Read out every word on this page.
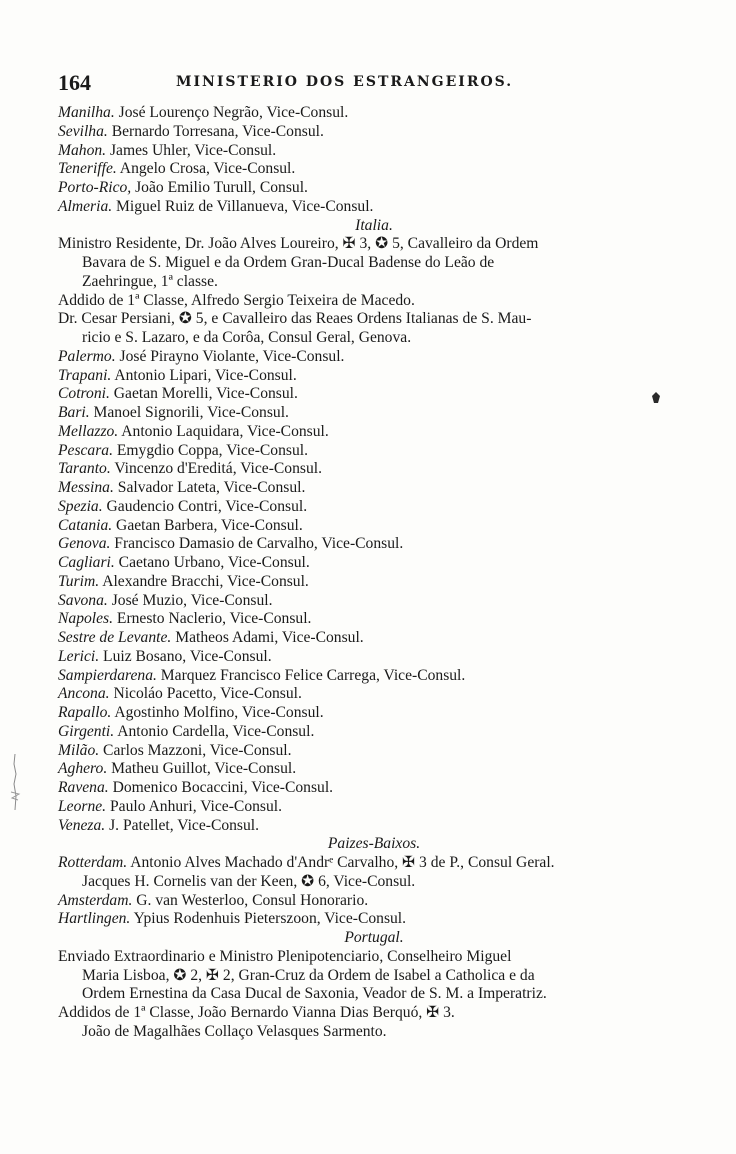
164	MINISTERIO DOS ESTRANGEIROS.

Manilha. José Lourenço Negrão, Vice-Consul.

Sevilha. Bernardo Torresana, Vice-Consul.

Mahon. James Uhler, Vice-Consul.

Teneriffe. Angelo Crosa, Vice-Consul.

Porto-Rico, João Emilio Turull, Consul.

Almeria. Miguel Ruiz de Villanueva, Vice-Consul.

Italia.

Ministro Residente, Dr. João Alves Loureiro, ✠ 3, ✪ 5, Cavalleiro da Ordem

Bavara de S. Miguel e da Ordem Gran-Ducal Badense do Leão de

Zaehringue, 1ª classe.

Addido de 1ª Classe, Alfredo Sergio Teixeira de Macedo.

Dr. Cesar Persiani, ✪ 5, e Cavalleiro das Reaes Ordens Italianas de S. Mau-

ricio e S. Lazaro, e da Corôa, Consul Geral, Genova.

Palermo. José Pirayno Violante, Vice-Consul.

Trapani. Antonio Lipari, Vice-Consul.

Cotroni. Gaetan Morelli, Vice-Consul.

Bari. Manoel Signorili, Vice-Consul.

Mellazzo. Antonio Laquidara, Vice-Consul.

Pescara. Emygdio Coppa, Vice-Consul.

Taranto. Vincenzo d'Ereditá, Vice-Consul.

Messina. Salvador Lateta, Vice-Consul.

Spezia. Gaudencio Contri, Vice-Consul.

Catania. Gaetan Barbera, Vice-Consul.

Genova. Francisco Damasio de Carvalho, Vice-Consul.

Cagliari. Caetano Urbano, Vice-Consul.

Turim. Alexandre Bracchi, Vice-Consul.

Savona. José Muzio, Vice-Consul.

Napoles. Ernesto Naclerio, Vice-Consul.

Sestre de Levante. Matheos Adami, Vice-Consul.

Lerici. Luiz Bosano, Vice-Consul.

Sampierdarena. Marquez Francisco Felice Carrega, Vice-Consul.

Ancona. Nicoláo Pacetto, Vice-Consul.

Rapallo. Agostinho Molfino, Vice-Consul.

Girgenti. Antonio Cardella, Vice-Consul.

Milão. Carlos Mazzoni, Vice-Consul.

Aghero. Matheu Guillot, Vice-Consul.

Ravena. Domenico Bocaccini, Vice-Consul.

Leorne. Paulo Anhuri, Vice-Consul.

Veneza. J. Patellet, Vice-Consul.

Paizes-Baixos.

Rotterdam. Antonio Alves Machado d'Andrᵉ Carvalho, ✠ 3 de P., Consul Geral.

Jacques H. Cornelis van der Keen, ✪ 6, Vice-Consul.

Amsterdam. G. van Westerloo, Consul Honorario.

Hartlingen. Ypius Rodenhuis Pieterszoon, Vice-Consul.

Portugal.

Enviado Extraordinario e Ministro Plenipotenciario, Conselheiro Miguel

Maria Lisboa, ✪ 2, ✠ 2, Gran-Cruz da Ordem de Isabel a Catholica e da

Ordem Ernestina da Casa Ducal de Saxonia, Veador de S. M. a Imperatriz.

Addidos de 1ª Classe, João Bernardo Vianna Dias Berquó, ✠ 3.

João de Magalhães Collaço Velasques Sarmento.
